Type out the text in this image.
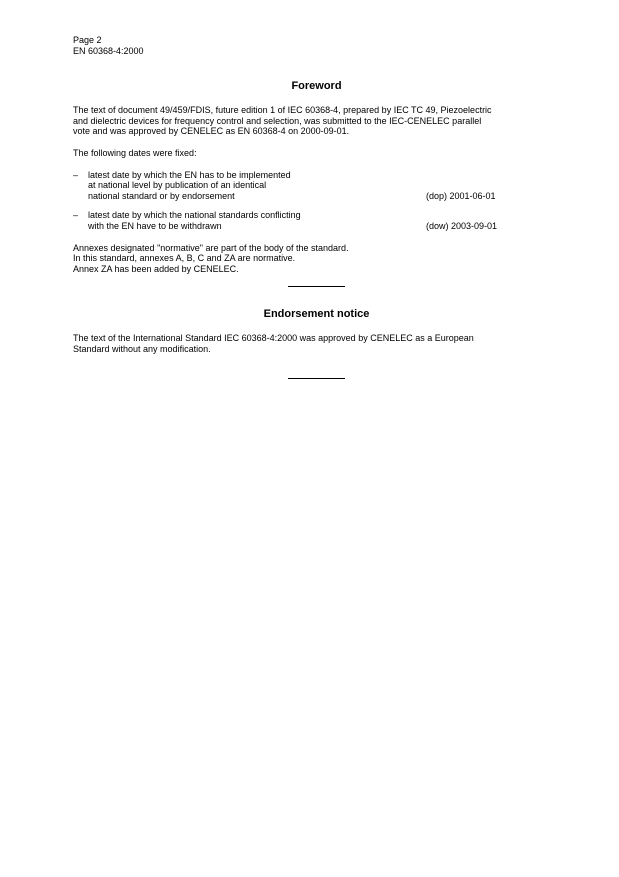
Page 2
EN 60368-4:2000
Foreword

The text of document 49/459/FDIS, future edition 1 of IEC 60368-4, prepared by IEC TC 49, Piezoelectric
and dielectric devices for frequency control and selection, was submitted to the IEC-CENELEC parallel
vote and was approved by CENELEC as EN 60368-4 on 2000-09-01.

The following dates were fixed:

– latest date by which the EN has to be implemented
at national level by publication of an identical
national standard or by endorsement	(dop) 2001-06-01
– latest date by which the national standards conflicting
with the EN have to be withdrawn	(dow) 2003-09-01

Annexes designated "normative" are part of the body of the standard.
In this standard, annexes A, B, C and ZA are normative.
Annex ZA has been added by CENELEC.

Endorsement notice

The text of the International Standard IEC 60368-4:2000 was approved by CENELEC as a European
Standard without any modification.
